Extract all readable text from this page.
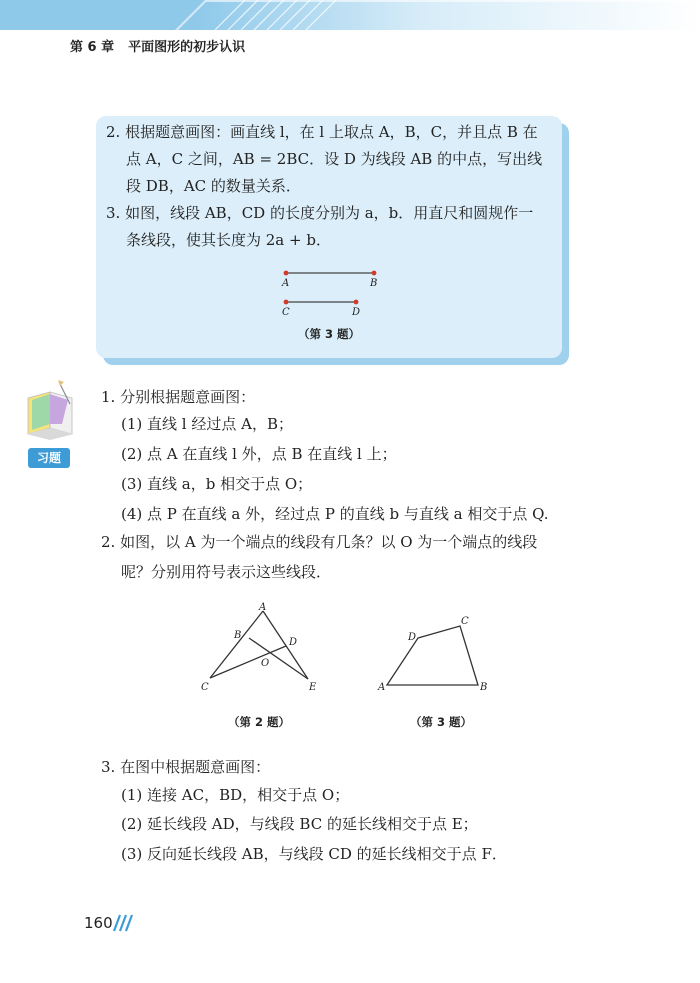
第 6 章 平面图形的初步认识
2. 根据题意画图：画直线 l，在 l 上取点 A，B，C，并且点 B 在
点 A，C 之间，AB = 2BC．设 D 为线段 AB 的中点，写出线
段 DB，AC 的数量关系．
3. 如图，线段 AB，CD 的长度分别为 a，b．用直尺和圆规作一
条线段，使其长度为 2a + b．
A	B
C	D
（第 3 题）
习题
1. 分别根据题意画图：
(1) 直线 l 经过点 A，B；
(2) 点 A 在直线 l 外，点 B 在直线 l 上；
(3) 直线 a，b 相交于点 O；
(4) 点 P 在直线 a 外，经过点 P 的直线 b 与直线 a 相交于点 Q.
2. 如图，以 A 为一个端点的线段有几条？以 O 为一个端点的线段
呢？分别用符号表示这些线段．
A
B
D
O
C	E
D
C
A	B
（第 2 题）	（第 3 题）
3. 在图中根据题意画图：
(1) 连接 AC，BD，相交于点 O；
(2) 延长线段 AD，与线段 BC 的延长线相交于点 E；
(3) 反向延长线段 AB，与线段 CD 的延长线相交于点 F．
160
